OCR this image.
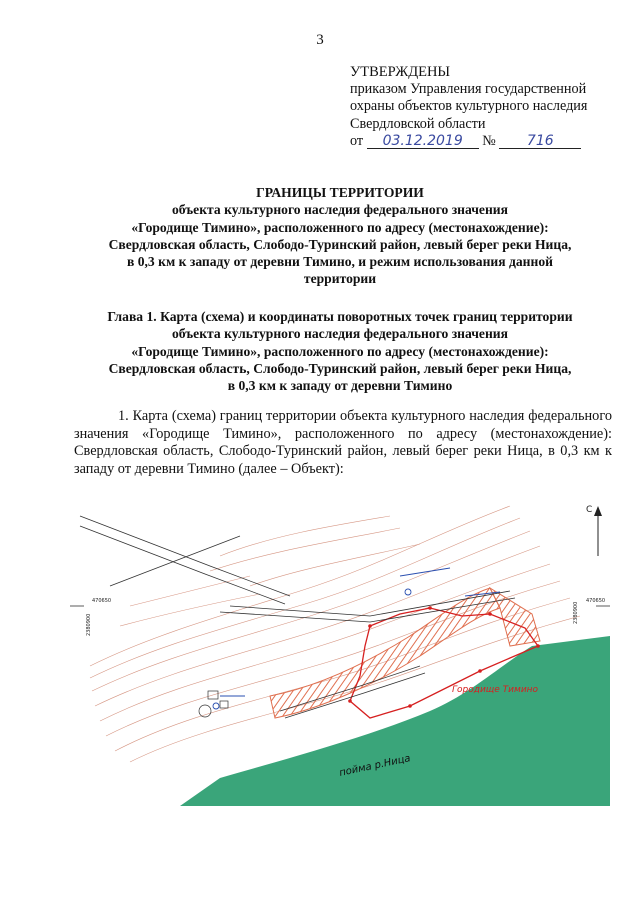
3
УТВЕРЖДЕНЫ
приказом Управления государственной
охраны объектов культурного наследия
Свердловской области
от 03.12.2019 № 716
ГРАНИЦЫ ТЕРРИТОРИИ
объекта культурного наследия федерального значения
«Городище Тимино», расположенного по адресу (местонахождение):
Свердловская область, Слободо-Туринский район, левый берег реки Ница,
в 0,3 км к западу от деревни Тимино, и режим использования данной
территории
Глава 1. Карта (схема) и координаты поворотных точек границ территории
объекта культурного наследия федерального значения
«Городище Тимино», расположенного по адресу (местонахождение):
Свердловская область, Слободо-Туринский район, левый берег реки Ница,
в 0,3 км к западу от деревни Тимино
1. Карта (схема) границ территории объекта культурного наследия федерального значения «Городище Тимино», расположенного по адресу (местонахождение): Свердловская область, Слободо-Туринский район, левый берег реки Ница, в 0,3 км к западу от деревни Тимино (далее – Объект):
С
470650	470650
2380900
2380900
Городище Тимино
пойма р.Ница
